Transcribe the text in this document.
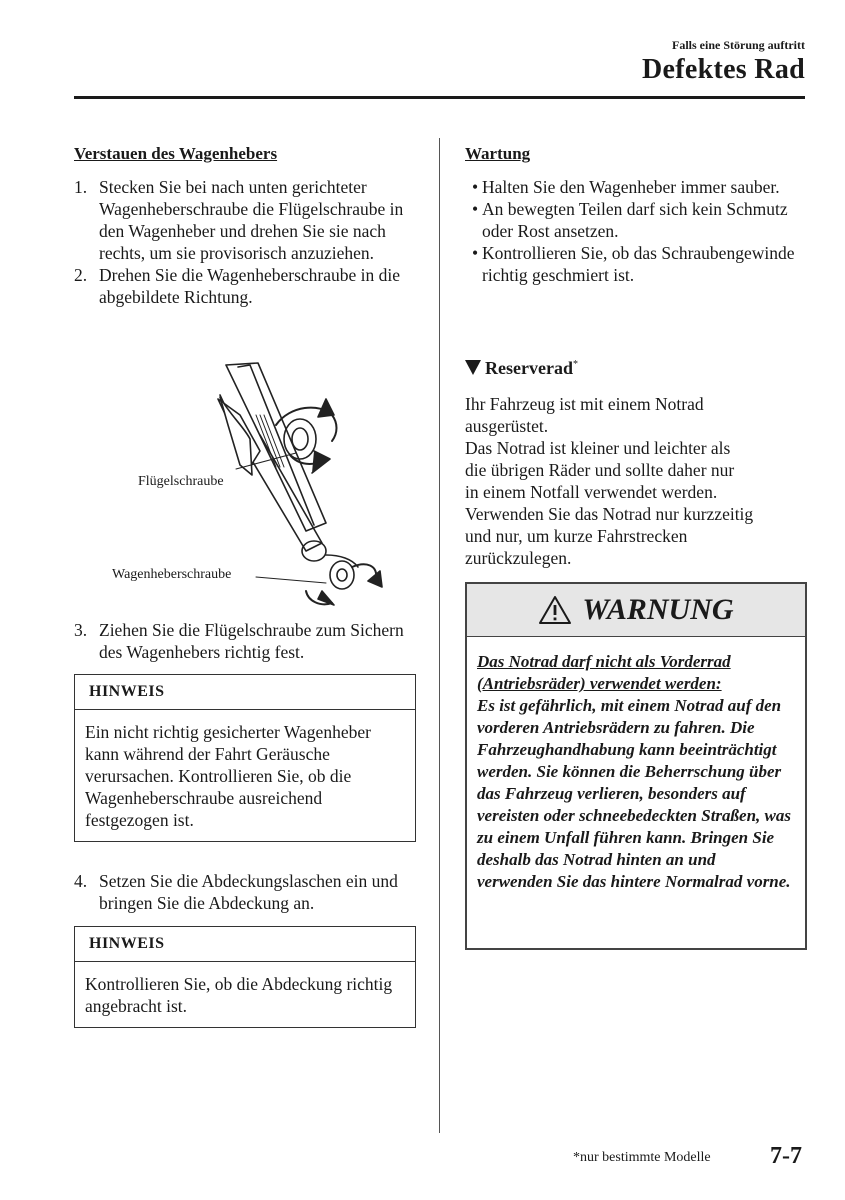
Falls eine Störung auftritt
Defektes Rad
Verstauen des Wagenhebers
1. Stecken Sie bei nach unten gerichteter Wagenheberschraube die Flügelschraube in den Wagenheber und drehen Sie sie nach rechts, um sie provisorisch anzuziehen.
2. Drehen Sie die Wagenheberschraube in die abgebildete Richtung.
Flügelschraube
Wagenheberschraube
3. Ziehen Sie die Flügelschraube zum Sichern des Wagenhebers richtig fest.
HINWEIS
Ein nicht richtig gesicherter Wagenheber kann während der Fahrt Geräusche verursachen. Kontrollieren Sie, ob die Wagenheberschraube ausreichend festgezogen ist.
4. Setzen Sie die Abdeckungslaschen ein und bringen Sie die Abdeckung an.
HINWEIS
Kontrollieren Sie, ob die Abdeckung richtig angebracht ist.
Wartung
• Halten Sie den Wagenheber immer sauber.
• An bewegten Teilen darf sich kein Schmutz oder Rost ansetzen.
• Kontrollieren Sie, ob das Schraubengewinde richtig geschmiert ist.
Reserverad*
Ihr Fahrzeug ist mit einem Notrad
ausgerüstet.
Das Notrad ist kleiner und leichter als
die übrigen Räder und sollte daher nur
in einem Notfall verwendet werden.
Verwenden Sie das Notrad nur kurzzeitig
und nur, um kurze Fahrstrecken
zurückzulegen.
WARNUNG
Das Notrad darf nicht als Vorderrad (Antriebsräder) verwendet werden:
Es ist gefährlich, mit einem Notrad auf den vorderen Antriebsrädern zu fahren. Die Fahrzeughandhabung kann beeinträchtigt werden. Sie können die Beherrschung über das Fahrzeug verlieren, besonders auf vereisten oder schneebedeckten Straßen, was zu einem Unfall führen kann. Bringen Sie deshalb das Notrad hinten an und verwenden Sie das hintere Normalrad vorne.
*nur bestimmte Modelle 7-7
